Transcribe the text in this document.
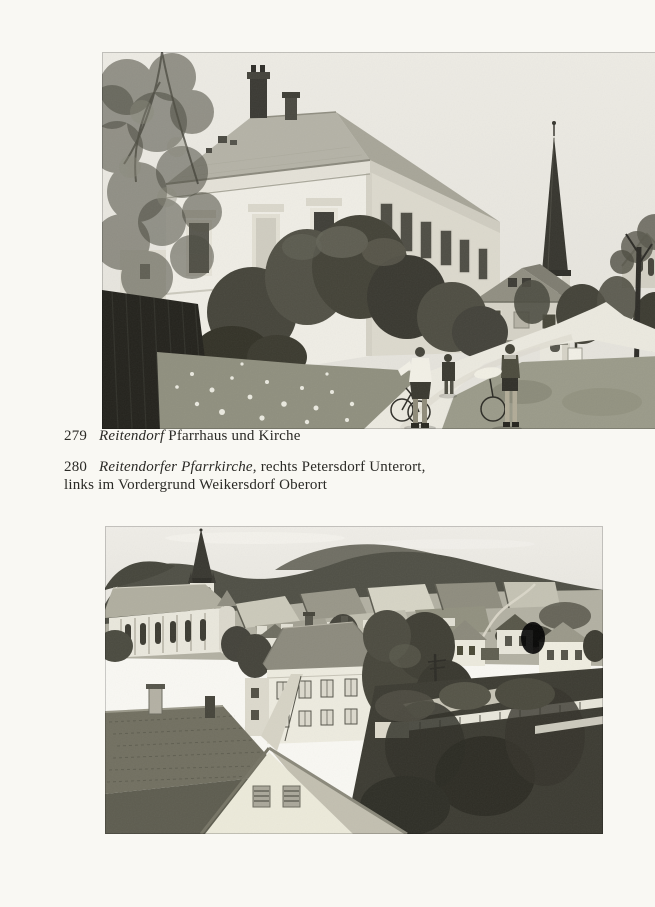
279 Reitendorf Pfarrhaus und Kirche
280 Reitendorfer Pfarrkirche, rechts Petersdorf Unterort,
links im Vordergrund Weikersdorf Oberort
